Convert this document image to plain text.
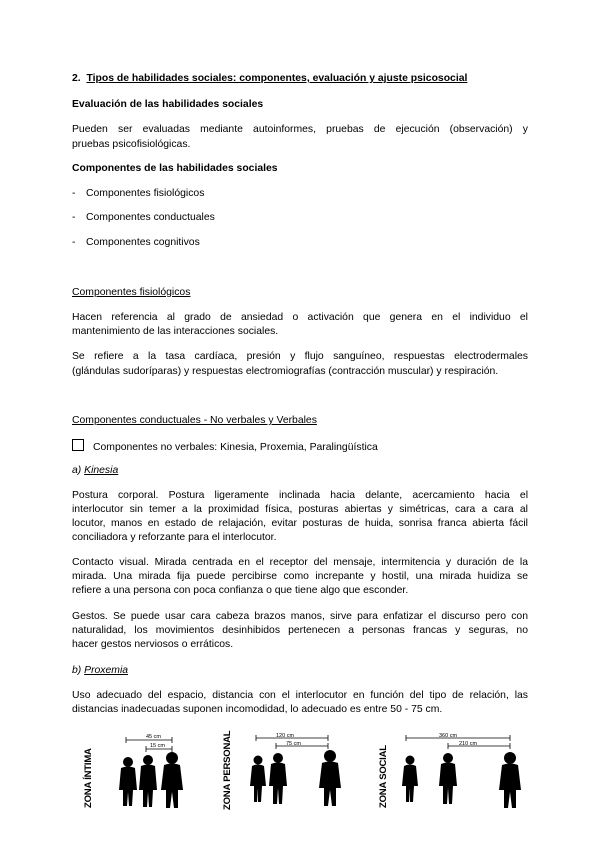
2. Tipos de habilidades sociales: componentes, evaluación y ajuste psicosocial
Evaluación de las habilidades sociales
Pueden ser evaluadas mediante autoinformes, pruebas de ejecución (observación) y
pruebas psicofisiológicas.
Componentes de las habilidades sociales
- Componentes fisiológicos
- Componentes conductuales
- Componentes cognitivos
Componentes fisiológicos
Hacen referencia al grado de ansiedad o activación que genera en el individuo el
mantenimiento de las interacciones sociales.
Se refiere a la tasa cardíaca, presión y flujo sanguíneo, respuestas electrodermales
(glándulas sudoríparas) y respuestas electromiografías (contracción muscular) y respiración.
Componentes conductuales - No verbales y Verbales
Componentes no verbales: Kinesia, Proxemia, Paralingüística
a) Kinesia
Postura corporal. Postura ligeramente inclinada hacia delante, acercamiento hacia el
interlocutor sin temer a la proximidad física, posturas abiertas y simétricas, cara a cara al
locutor, manos en estado de relajación, evitar posturas de huida, sonrisa franca abierta fácil
conciliadora y reforzante para el interlocutor.
Contacto visual. Mirada centrada en el receptor del mensaje, intermitencia y duración de la
mirada. Una mirada fija puede percibirse como increpante y hostil, una mirada huidiza se
refiere a una persona con poca confianza o que tiene algo que esconder.
Gestos. Se puede usar cara cabeza brazos manos, sirve para enfatizar el discurso pero con
naturalidad, los movimientos desinhibidos pertenecen a personas francas y seguras, no
hacer gestos nerviosos o erráticos.
b) Proxemia
Uso adecuado del espacio, distancia con el interlocutor en función del tipo de relación, las
distancias inadecuadas suponen incomodidad, lo adecuado es entre 50 - 75 cm.
ZONA ÍNTIMA
45 cm
15 cm	ZONA PERSONAL	120 cm
75 cm
ZONA SOCIAL
360 cm
210 cm
